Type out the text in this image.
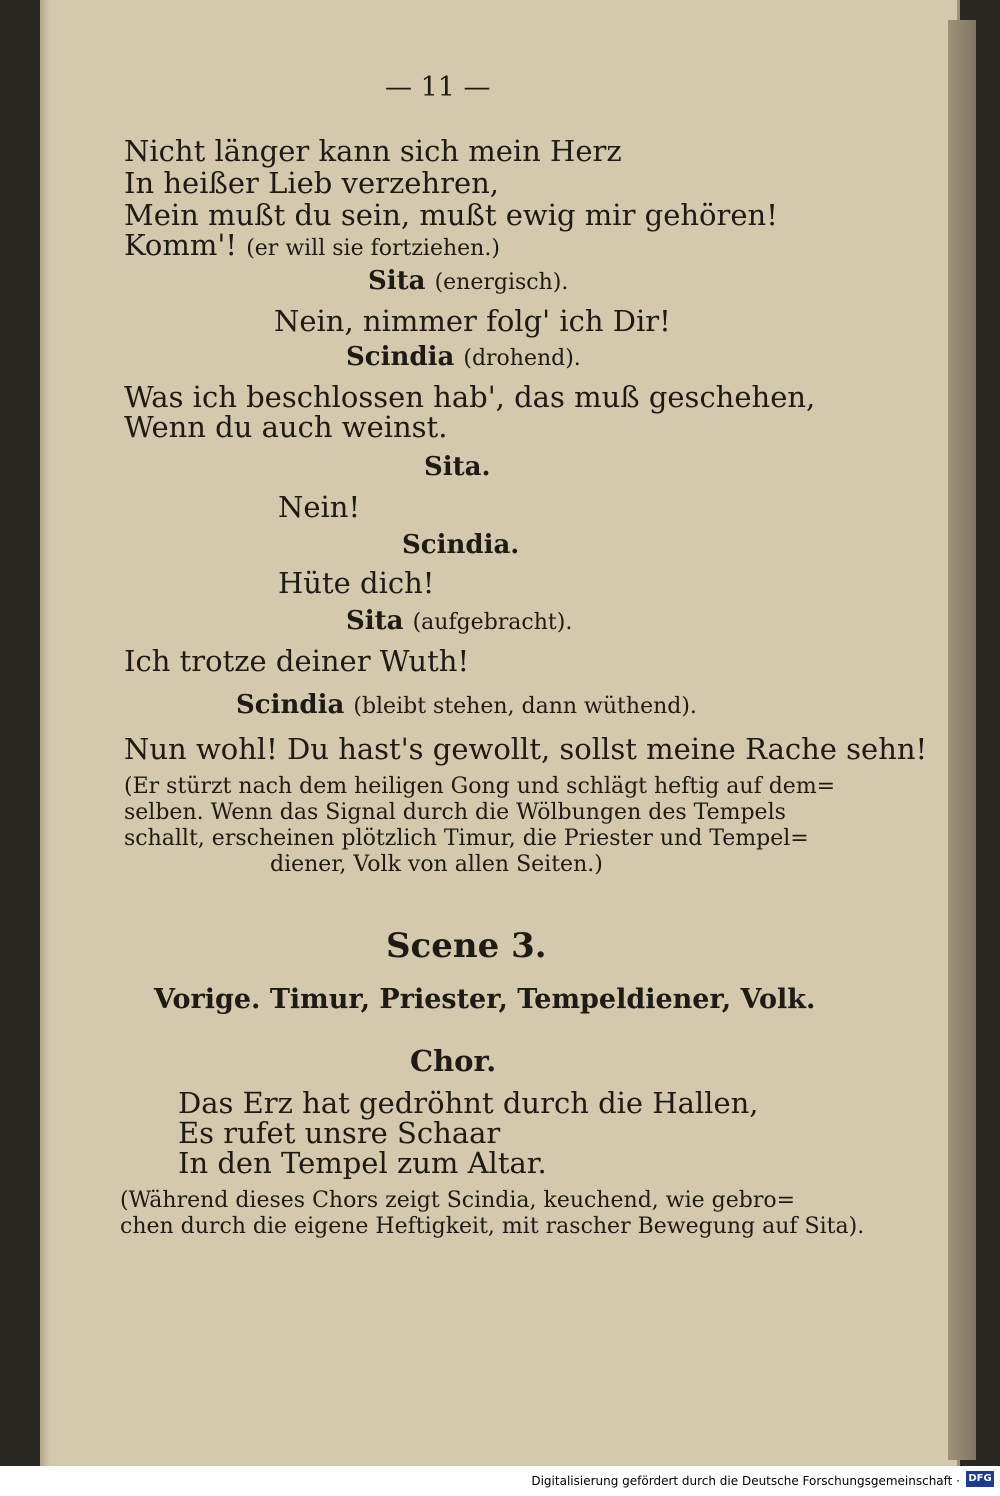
— 11 —

Nicht länger kann sich mein Herz

In heißer Lieb verzehren,

Mein mußt du sein, mußt ewig mir gehören!

Komm'! (er will sie fortziehen.)

Sita (energisch).

Nein, nimmer folg' ich Dir!

Scindia (drohend).

Was ich beschlossen hab', das muß geschehen,

Wenn du auch weinst.

Sita.

Nein!

Scindia.

Hüte dich!

Sita (aufgebracht).

Ich trotze deiner Wuth!

Scindia (bleibt stehen, dann wüthend).

Nun wohl! Du hast's gewollt, sollst meine Rache sehn!

(Er stürzt nach dem heiligen Gong und schlägt heftig auf dem=

selben. Wenn das Signal durch die Wölbungen des Tempels

schallt, erscheinen plötzlich Timur, die Priester und Tempel=

diener, Volk von allen Seiten.)

Scene 3.

Vorige. Timur, Priester, Tempeldiener, Volk.

Chor.

Das Erz hat gedröhnt durch die Hallen,

Es rufet unsre Schaar

In den Tempel zum Altar.

(Während dieses Chors zeigt Scindia, keuchend, wie gebro=

chen durch die eigene Heftigkeit, mit rascher Bewegung auf Sita).

Digitalisierung gefördert durch die Deutsche Forschungsgemeinschaft · DFG
